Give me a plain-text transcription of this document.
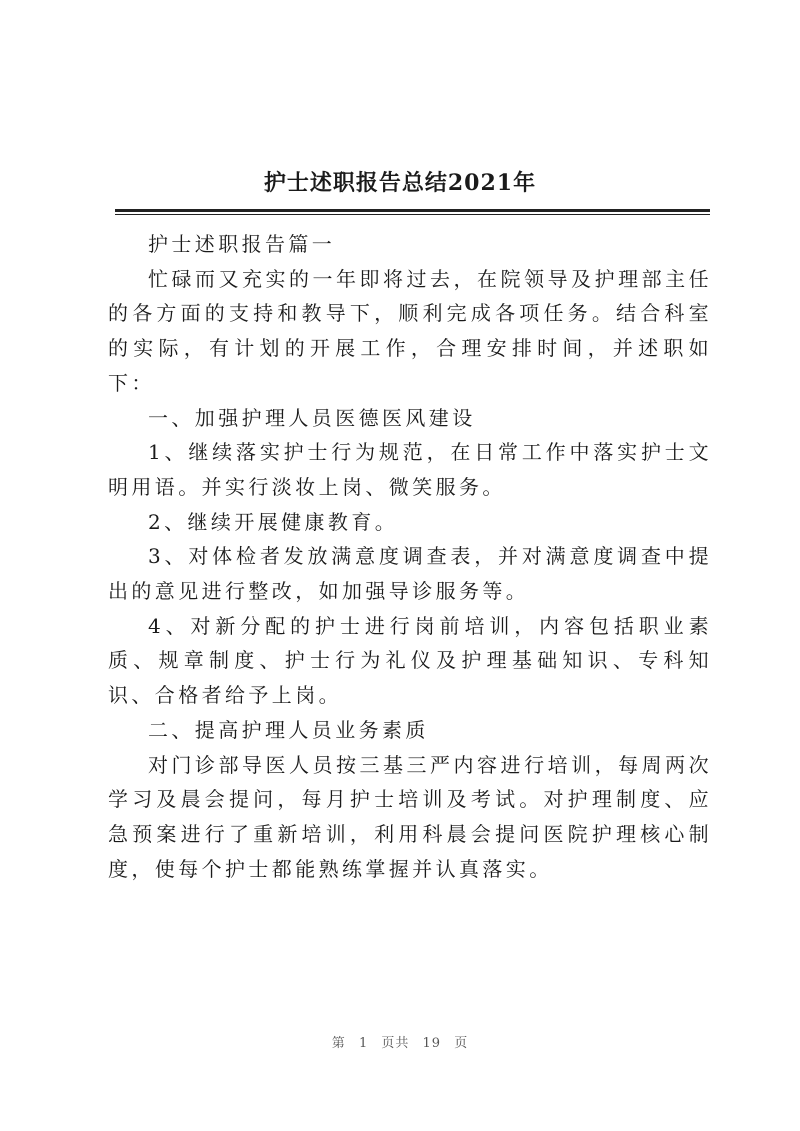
护士述职报告总结2021年

护士述职报告篇一

忙碌而又充实的一年即将过去，在院领导及护理部主任的各方面的支持和教导下，顺利完成各项任务。结合科室的实际，有计划的开展工作，合理安排时间，并述职如下：

一、加强护理人员医德医风建设

1、继续落实护士行为规范，在日常工作中落实护士文明用语。并实行淡妆上岗、微笑服务。

2、继续开展健康教育。

3、对体检者发放满意度调查表，并对满意度调查中提出的意见进行整改，如加强导诊服务等。

4、对新分配的护士进行岗前培训，内容包括职业素质、规章制度、护士行为礼仪及护理基础知识、专科知识、合格者给予上岗。

二、提高护理人员业务素质

对门诊部导医人员按三基三严内容进行培训，每周两次学习及晨会提问，每月护士培训及考试。对护理制度、应急预案进行了重新培训，利用科晨会提问医院护理核心制度，使每个护士都能熟练掌握并认真落实。

第 1 页共 19 页
